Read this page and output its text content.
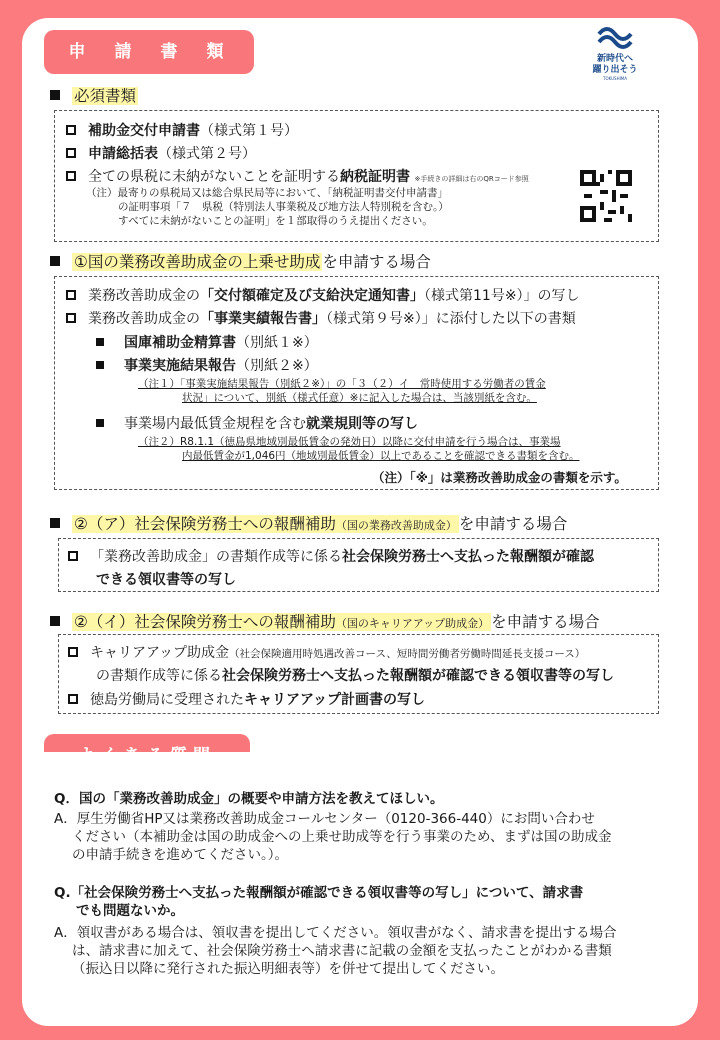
申　請　書　類	新時代へ
躍り出そう
TOKUSHIMA
必須書類
補助金交付申請書（様式第１号）
申請総括表（様式第２号）
全ての県税に未納がないことを証明する納税証明書 ※手続きの詳細は右のQRコード参照
（注）最寄りの県税局又は総合県民局等において、「納税証明書交付申請書」
の証明事項「７　県税（特別法人事業税及び地方法人特別税を含む。）
すべてに未納がないことの証明」を１部取得のうえ提出ください。
①国の業務改善助成金の上乗せ助成 を申請する場合
業務改善助成金の「交付額確定及び支給決定通知書」（様式第11号※）」の写し
業務改善助成金の「事業実績報告書」（様式第９号※）」に添付した以下の書類
国庫補助金精算書（別紙１※）
事業実施結果報告（別紙２※）
（注１）「事業実施結果報告（別紙２※）」の「３（２）イ　常時使用する労働者の賃金
状況」について、別紙（様式任意）※に記入した場合は、当該別紙を含む。
事業場内最低賃金規程を含む就業規則等の写し
（注２）R8.1.1（徳島県地域別最低賃金の発効日）以降に交付申請を行う場合は、事業場
内最低賃金が1,046円（地域別最低賃金）以上であることを確認できる書類を含む。
（注）「※」は業務改善助成金の書類を示す。
②（ア）社会保険労務士への報酬補助（国の業務改善助成金） を申請する場合
「業務改善助成金」の書類作成等に係る社会保険労務士へ支払った報酬額が確認
できる領収書等の写し
②（イ）社会保険労務士への報酬補助（国のキャリアアップ助成金） を申請する場合
キャリアアップ助成金（社会保険適用時処遇改善コース、短時間労働者労働時間延長支援コース）
の書類作成等に係る社会保険労務士へ支払った報酬額が確認できる領収書等の写し
徳島労働局に受理されたキャリアアップ計画書の写し
Q．国の「業務改善助成金」の概要や申請方法を教えてほしい。
A．厚生労働省HP又は業務改善助成金コールセンター（0120-366-440）にお問い合わせ
ください（本補助金は国の助成金への上乗せ助成等を行う事業のため、まずは国の助成金
の申請手続きを進めてください。）。
Q.「社会保険労務士へ支払った報酬額が確認できる領収書等の写し」について、請求書
でも問題ないか。
A．領収書がある場合は、領収書を提出してください。領収書がなく、請求書を提出する場合
は、請求書に加えて、社会保険労務士へ請求書に記載の金額を支払ったことがわかる書類
（振込日以降に発行された振込明細表等）を併せて提出してください。
